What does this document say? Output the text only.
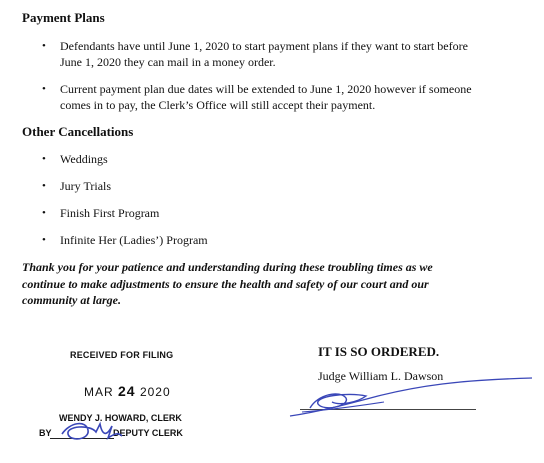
Payment Plans
• Defendants have until June 1, 2020 to start payment plans if they want to start before
June 1, 2020 they can mail in a money order.
• Current payment plan due dates will be extended to June 1, 2020 however if someone
comes in to pay, the Clerk’s Office will still accept their payment.
Other Cancellations
• Weddings
• Jury Trials
• Finish First Program
• Infinite Her (Ladies’) Program

Thank you for your patience and understanding during these troubling times as we
continue to make adjustments to ensure the health and safety of our court and our
community at large.

RECEIVED FOR FILING
MAR 24 2020
WENDY J. HOWARD, CLERK
BY	DEPUTY CLERK

IT IS SO ORDERED.

Judge William L. Dawson
